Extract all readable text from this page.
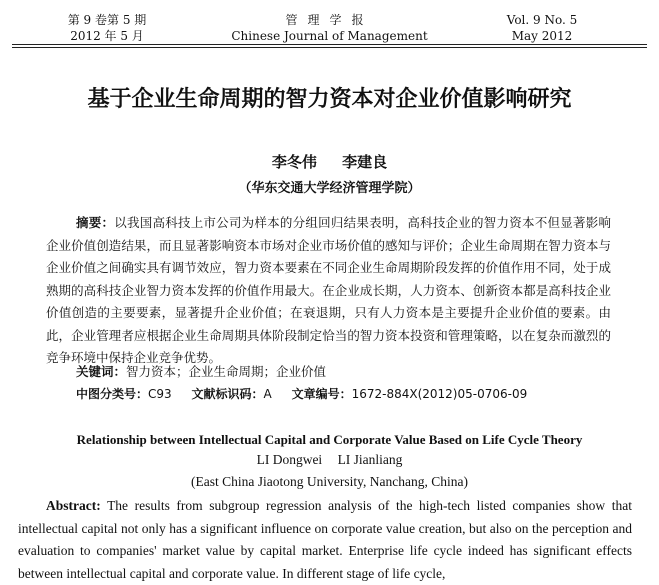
第 9 卷第 5 期
2012 年 5 月
管理学报
Chinese Journal of Management
Vol. 9 No. 5
May 2012
基于企业生命周期的智力资本对企业价值影响研究
李冬伟 李建良
（华东交通大学经济管理学院）
摘要：以我国高科技上市公司为样本的分组回归结果表明，高科技企业的智力资本不但显著影响企业价值创造结果，而且显著影响资本市场对企业市场价值的感知与评价；企业生命周期在智力资本与企业价值之间确实具有调节效应，智力资本要素在不同企业生命周期阶段发挥的价值作用不同，处于成熟期的高科技企业智力资本发挥的价值作用最大。在企业成长期，人力资本、创新资本都是高科技企业价值创造的主要要素，显著提升企业价值；在衰退期，只有人力资本是主要提升企业价值的要素。由此，企业管理者应根据企业生命周期具体阶段制定恰当的智力资本投资和管理策略，以在复杂而激烈的竞争环境中保持企业竞争优势。
关键词：智力资本；企业生命周期；企业价值
中图分类号：C93 文献标识码：A 文章编号：1672-884X(2012)05-0706-09
Relationship between Intellectual Capital and Corporate Value Based on Life Cycle Theory
LI Dongwei LI Jianliang
(East China Jiaotong University, Nanchang, China)
Abstract: The results from subgroup regression analysis of the high-tech listed companies show that intellectual capital not only has a significant influence on corporate value creation, but also on the perception and evaluation to companies' market value by capital market. Enterprise life cycle indeed has significant effects between intellectual capital and corporate value. In different stage of life cycle,
